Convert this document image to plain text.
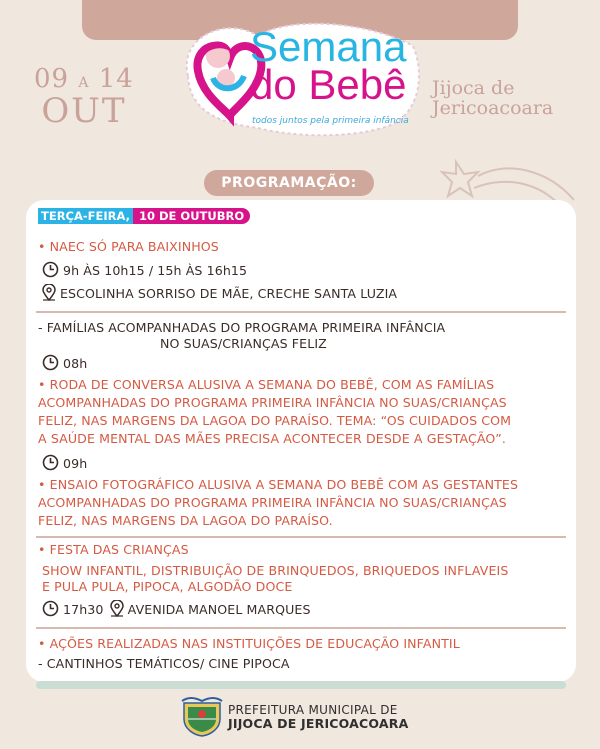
09 A 14
OUT
Jijoca de
Jericoacoara
Semana
do Bebê
todos juntos pela primeira infância
PROGRAMAÇÃO:
TERÇA-FEIRA, 10 DE OUTUBRO
• NAEC SÓ PARA BAIXINHOS
9h ÀS 10h15 / 15h ÀS 16h15
ESCOLINHA SORRISO DE MÃE, CRECHE SANTA LUZIA
- FAMÍLIAS ACOMPANHADAS DO PROGRAMA PRIMEIRA INFÂNCIA
NO SUAS/CRIANÇAS FELIZ
08h
• RODA DE CONVERSA ALUSIVA A SEMANA DO BEBÊ, COM AS FAMÍLIAS
ACOMPANHADAS DO PROGRAMA PRIMEIRA INFÂNCIA NO SUAS/CRIANÇAS
FELIZ, NAS MARGENS DA LAGOA DO PARAÍSO. TEMA: “OS CUIDADOS COM
A SAÚDE MENTAL DAS MÃES PRECISA ACONTECER DESDE A GESTAÇÃO”.
09h
• ENSAIO FOTOGRÁFICO ALUSIVA A SEMANA DO BEBÊ COM AS GESTANTES
ACOMPANHADAS DO PROGRAMA PRIMEIRA INFÂNCIA NO SUAS/CRIANÇAS
FELIZ, NAS MARGENS DA LAGOA DO PARAÍSO.
• FESTA DAS CRIANÇAS
SHOW INFANTIL, DISTRIBUIÇÃO DE BRINQUEDOS, BRIQUEDOS INFLAVEIS
E PULA PULA, PIPOCA, ALGODÃO DOCE
17h30 AVENIDA MANOEL MARQUES
• AÇÕES REALIZADAS NAS INSTITUIÇÕES DE EDUCAÇÃO INFANTIL
- CANTINHOS TEMÁTICOS/ CINE PIPOCA
PREFEITURA MUNICIPAL DE
JIJOCA DE JERICOACOARA
